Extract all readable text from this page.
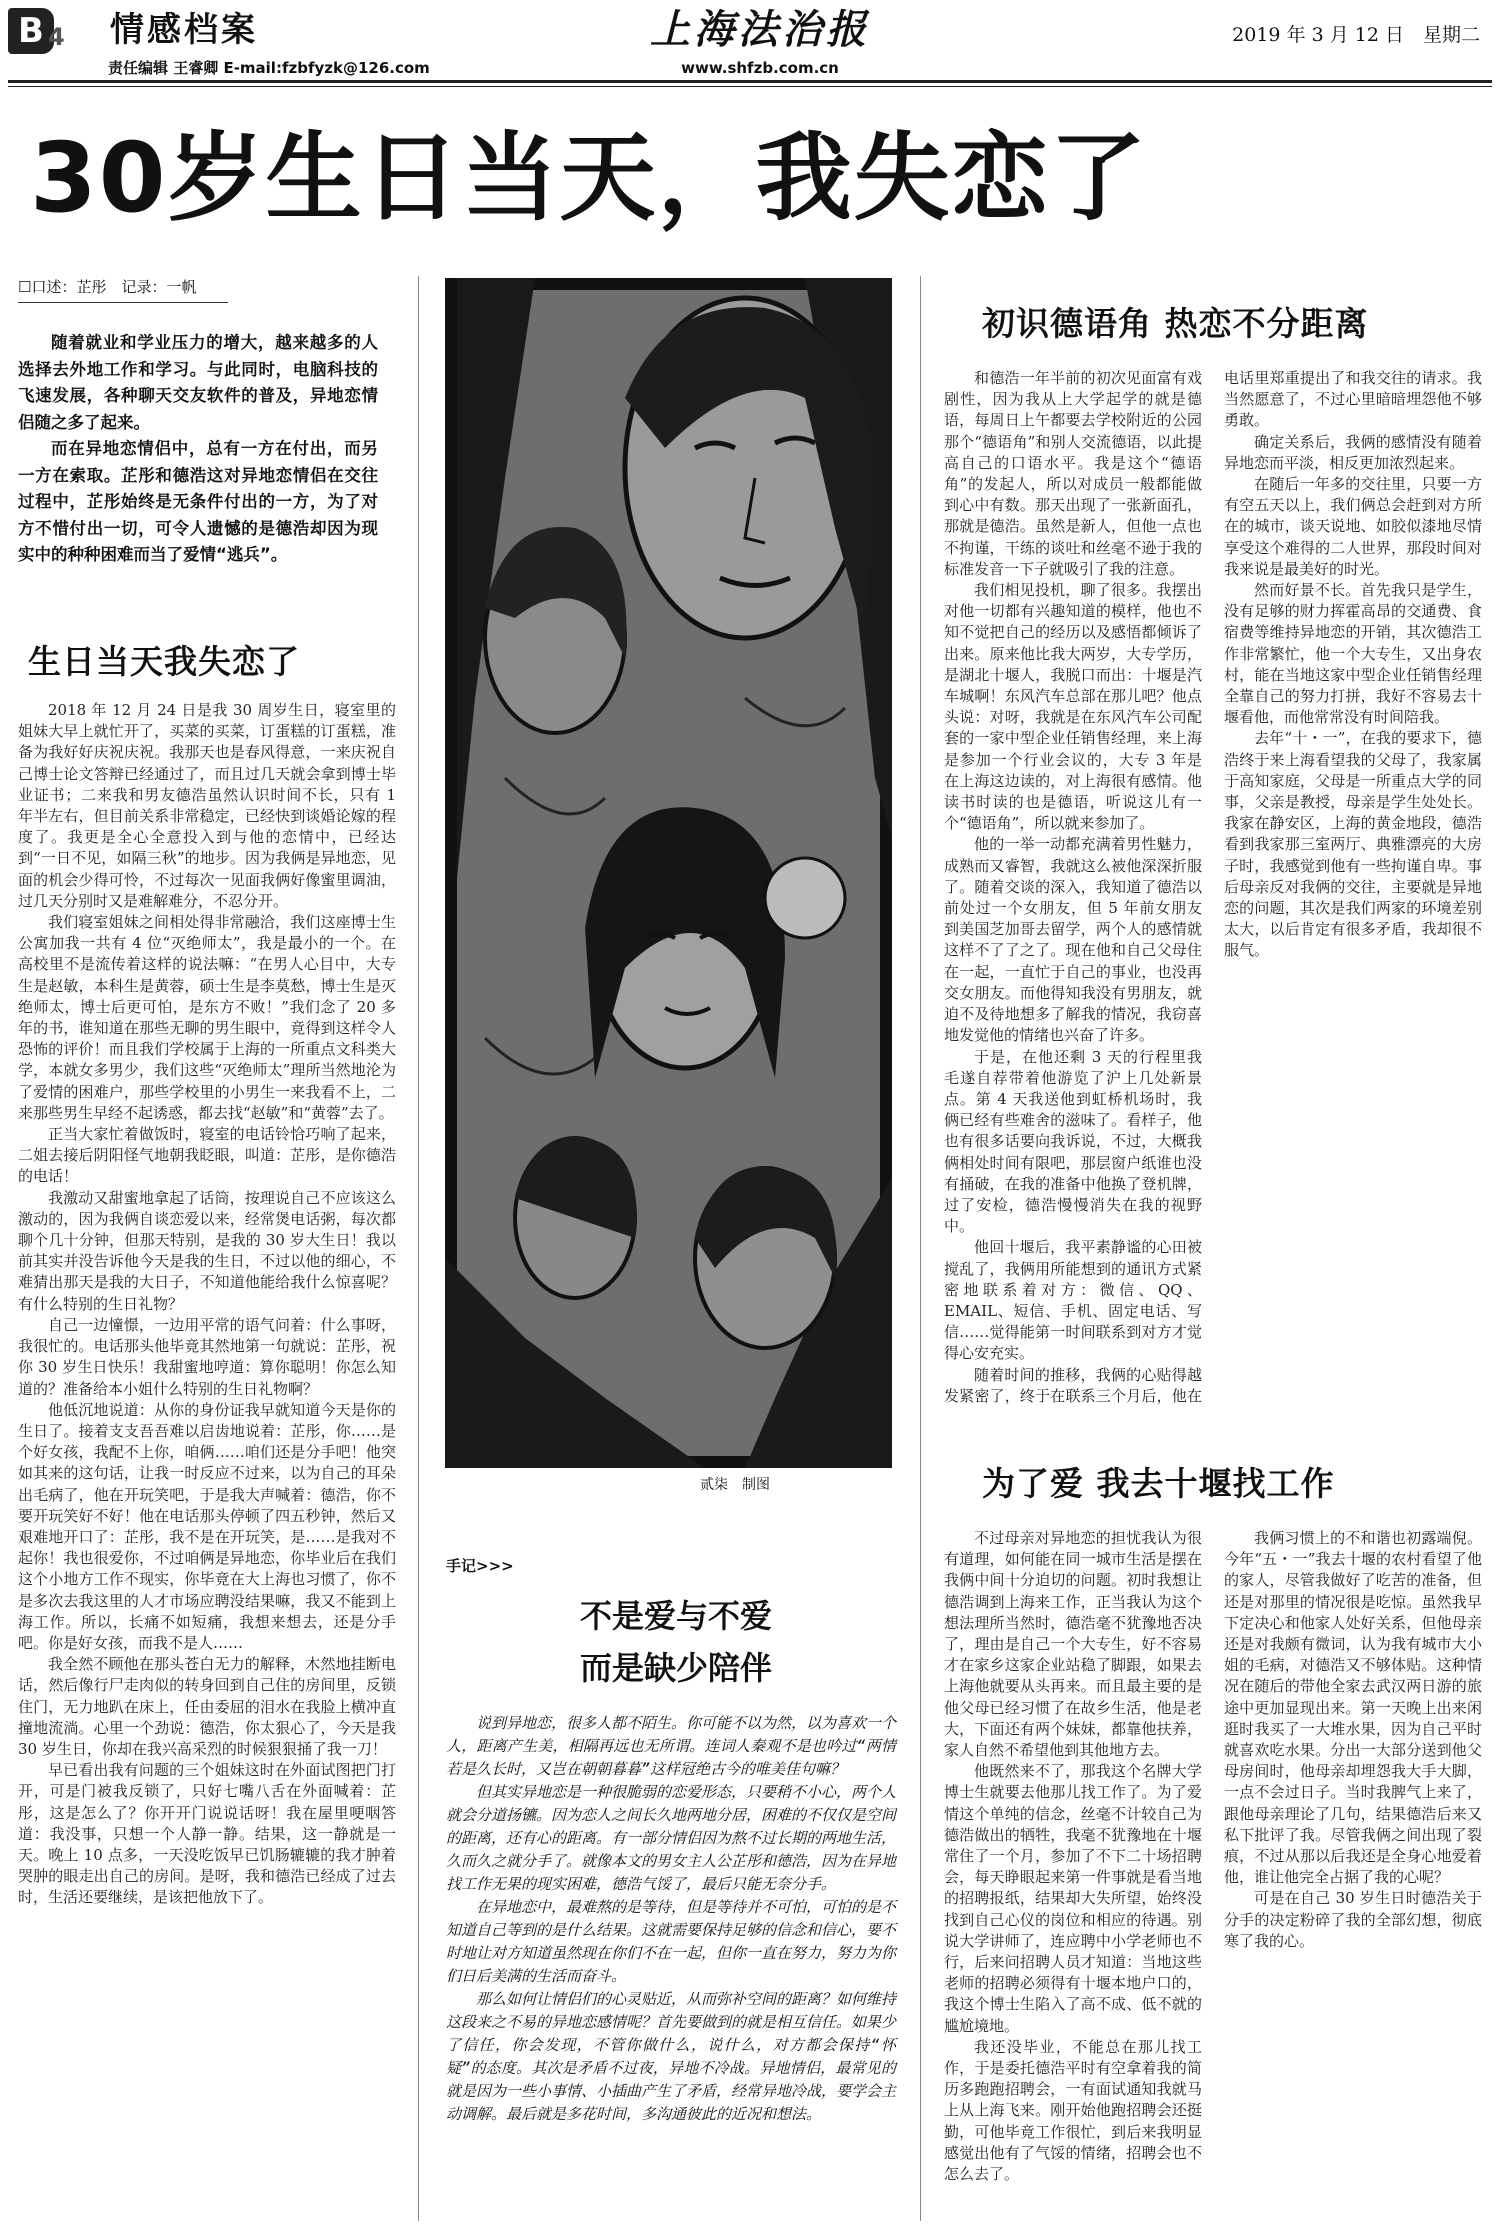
B 4 情感档案
责任编辑 王睿卿 E-mail:fzbfyzk@126.com
上海法治报
www.shfzb.com.cn
2019 年 3 月 12 日　星期二
30岁生日当天，我失恋了
☐口述：芷彤　记录：一帆

随着就业和学业压力的增大，越来越多的人选择去外地工作和学习。与此同时，电脑科技的飞速发展，各种聊天交友软件的普及，异地恋情侣随之多了起来。

而在异地恋情侣中，总有一方在付出，而另一方在索取。芷彤和德浩这对异地恋情侣在交往过程中，芷彤始终是无条件付出的一方，为了对方不惜付出一切，可令人遗憾的是德浩却因为现实中的种种困难而当了爱情“逃兵”。

生日当天我失恋了

2018 年 12 月 24 日是我 30 周岁生日，寝室里的姐妹大早上就忙开了，买菜的买菜，订蛋糕的订蛋糕，准备为我好好庆祝庆祝。我那天也是春风得意，一来庆祝自己博士论文答辩已经通过了，而且过几天就会拿到博士毕业证书；二来我和男友德浩虽然认识时间不长，只有 1 年半左右，但目前关系非常稳定，已经快到谈婚论嫁的程度了。我更是全心全意投入到与他的恋情中，已经达到“一日不见，如隔三秋”的地步。因为我俩是异地恋，见面的机会少得可怜，不过每次一见面我俩好像蜜里调油，过几天分别时又是难解难分，不忍分开。

我们寝室姐妹之间相处得非常融洽，我们这座博士生公寓加我一共有 4 位“灭绝师太”，我是最小的一个。在高校里不是流传着这样的说法嘛：“在男人心目中，大专生是赵敏，本科生是黄蓉，硕士生是李莫愁，博士生是灭绝师太，博士后更可怕，是东方不败！”我们念了 20 多年的书，谁知道在那些无聊的男生眼中，竟得到这样令人恐怖的评价！而且我们学校属于上海的一所重点文科类大学，本就女多男少，我们这些“灭绝师太”理所当然地沦为了爱情的困难户，那些学校里的小男生一来我看不上，二来那些男生早经不起诱惑，都去找“赵敏”和“黄蓉”去了。

正当大家忙着做饭时，寝室的电话铃恰巧响了起来，二姐去接后阴阳怪气地朝我眨眼，叫道：芷彤，是你德浩的电话！

我激动又甜蜜地拿起了话筒，按理说自己不应该这么激动的，因为我俩自谈恋爱以来，经常煲电话粥，每次都聊个几十分钟，但那天特别，是我的 30 岁大生日！我以前其实并没告诉他今天是我的生日，不过以他的细心，不难猜出那天是我的大日子，不知道他能给我什么惊喜呢？有什么特别的生日礼物？

自己一边憧憬，一边用平常的语气问着：什么事呀，我很忙的。电话那头他毕竟其然地第一句就说：芷彤，祝你 30 岁生日快乐！我甜蜜地哼道：算你聪明！你怎么知道的？准备给本小姐什么特别的生日礼物啊？

他低沉地说道：从你的身份证我早就知道今天是你的生日了。接着支支吾吾难以启齿地说着：芷彤，你……是个好女孩，我配不上你，咱俩……咱们还是分手吧！他突如其来的这句话，让我一时反应不过来，以为自己的耳朵出毛病了，他在开玩笑吧，于是我大声喊着：德浩，你不要开玩笑好不好！他在电话那头停顿了四五秒钟，然后又艰难地开口了：芷彤，我不是在开玩笑，是……是我对不起你！我也很爱你，不过咱俩是异地恋，你毕业后在我们这个小地方工作不现实，你毕竟在大上海也习惯了，你不是多次去我这里的人才市场应聘没结果嘛，我又不能到上海工作。所以，长痛不如短痛，我想来想去，还是分手吧。你是好女孩，而我不是人……

我全然不顾他在那头苍白无力的解释，木然地挂断电话，然后像行尸走肉似的转身回到自己住的房间里，反锁住门，无力地趴在床上，任由委屈的泪水在我脸上横冲直撞地流淌。心里一个劲说：德浩，你太狠心了，今天是我 30 岁生日，你却在我兴高采烈的时候狠狠捅了我一刀！

早已看出我有问题的三个姐妹这时在外面试图把门打开，可是门被我反锁了，只好七嘴八舌在外面喊着：芷彤，这是怎么了？你开开门说说话呀！我在屋里哽咽答道：我没事，只想一个人静一静。结果，这一静就是一天。晚上 10 点多，一天没吃饭早已饥肠辘辘的我才肿着哭肿的眼走出自己的房间。是呀，我和德浩已经成了过去时，生活还要继续，是该把他放下了。

贰柒　制图
手记>>>
不是爱与不爱
而是缺少陪伴

说到异地恋，很多人都不陌生。你可能不以为然，以为喜欢一个人，距离产生美，相隔再远也无所谓。连词人秦观不是也吟过“两情若是久长时，又岂在朝朝暮暮”这样冠绝古今的唯美佳句嘛？

但其实异地恋是一种很脆弱的恋爱形态，只要稍不小心，两个人就会分道扬镳。因为恋人之间长久地两地分居，困难的不仅仅是空间的距离，还有心的距离。有一部分情侣因为熬不过长期的两地生活，久而久之就分手了。就像本文的男女主人公芷彤和德浩，因为在异地找工作无果的现实困难，德浩气馁了，最后只能无奈分手。

在异地恋中，最难熬的是等待，但是等待并不可怕，可怕的是不知道自己等到的是什么结果。这就需要保持足够的信念和信心，要不时地让对方知道虽然现在你们不在一起，但你一直在努力，努力为你们日后美满的生活而奋斗。

那么如何让情侣们的心灵贴近，从而弥补空间的距离？如何维持这段来之不易的异地恋感情呢？首先要做到的就是相互信任。如果少了信任，你会发现，不管你做什么，说什么，对方都会保持“怀疑”的态度。其次是矛盾不过夜，异地不冷战。异地情侣，最常见的就是因为一些小事情、小插曲产生了矛盾，经常异地冷战，要学会主动调解。最后就是多花时间，多沟通彼此的近况和想法。

初识德语角 热恋不分距离

和德浩一年半前的初次见面富有戏剧性，因为我从上大学起学的就是德语，每周日上午都要去学校附近的公园那个“德语角”和别人交流德语，以此提高自己的口语水平。我是这个“德语角”的发起人，所以对成员一般都能做到心中有数。那天出现了一张新面孔，那就是德浩。虽然是新人，但他一点也不拘谨，干练的谈吐和丝毫不逊于我的标准发音一下子就吸引了我的注意。

我们相见投机，聊了很多。我摆出对他一切都有兴趣知道的模样，他也不知不觉把自己的经历以及感悟都倾诉了出来。原来他比我大两岁，大专学历，是湖北十堰人，我脱口而出：十堰是汽车城啊！东风汽车总部在那儿吧？他点头说：对呀，我就是在东风汽车公司配套的一家中型企业任销售经理，来上海是参加一个行业会议的，大专 3 年是在上海这边读的，对上海很有感情。他读书时读的也是德语，听说这儿有一个“德语角”，所以就来参加了。

他的一举一动都充满着男性魅力，成熟而又睿智，我就这么被他深深折服了。随着交谈的深入，我知道了德浩以前处过一个女朋友，但 5 年前女朋友到美国芝加哥去留学，两个人的感情就这样不了了之了。现在他和自己父母住在一起，一直忙于自己的事业，也没再交女朋友。而他得知我没有男朋友，就迫不及待地想多了解我的情况，我窃喜地发觉他的情绪也兴奋了许多。

于是，在他还剩 3 天的行程里我毛遂自荐带着他游览了沪上几处新景点。第 4 天我送他到虹桥机场时，我俩已经有些难舍的滋味了。看样子，他也有很多话要向我诉说，不过，大概我俩相处时间有限吧，那层窗户纸谁也没有捅破，在我的准备中他换了登机牌，过了安检，德浩慢慢消失在我的视野中。

他回十堰后，我平素静谧的心田被搅乱了，我俩用所能想到的通讯方式紧密地联系着对方：微信、QQ、EMAIL、短信、手机、固定电话、写信……觉得能第一时间联系到对方才觉得心安充实。

随着时间的推移，我俩的心贴得越发紧密了，终于在联系三个月后，他在电话里郑重提出了和我交往的请求。我当然愿意了，不过心里暗暗埋怨他不够勇敢。

确定关系后，我俩的感情没有随着异地恋而平淡，相反更加浓烈起来。

在随后一年多的交往里，只要一方有空五天以上，我们俩总会赶到对方所在的城市，谈天说地、如胶似漆地尽情享受这个难得的二人世界，那段时间对我来说是最美好的时光。

然而好景不长。首先我只是学生，没有足够的财力挥霍高昂的交通费、食宿费等维持异地恋的开销，其次德浩工作非常繁忙，他一个大专生，又出身农村，能在当地这家中型企业任销售经理全靠自己的努力打拼，我好不容易去十堰看他，而他常常没有时间陪我。

去年“十・一”，在我的要求下，德浩终于来上海看望我的父母了，我家属于高知家庭，父母是一所重点大学的同事，父亲是教授，母亲是学生处处长。我家在静安区，上海的黄金地段，德浩看到我家那三室两厅、典雅漂亮的大房子时，我感觉到他有一些拘谨自卑。事后母亲反对我俩的交往，主要就是异地恋的问题，其次是我们两家的环境差别太大，以后肯定有很多矛盾，我却很不服气。

为了爱 我去十堰找工作

不过母亲对异地恋的担忧我认为很有道理，如何能在同一城市生活是摆在我俩中间十分迫切的问题。初时我想让德浩调到上海来工作，正当我认为这个想法理所当然时，德浩毫不犹豫地否决了，理由是自己一个大专生，好不容易才在家乡这家企业站稳了脚跟，如果去上海他就要从头再来。而且最主要的是他父母已经习惯了在故乡生活，他是老大，下面还有两个妹妹，都靠他扶养，家人自然不希望他到其他地方去。

他既然来不了，那我这个名牌大学博士生就要去他那儿找工作了。为了爱情这个单纯的信念，丝毫不计较自己为德浩做出的牺牲，我毫不犹豫地在十堰常住了一个月，参加了不下二十场招聘会，每天睁眼起来第一件事就是看当地的招聘报纸，结果却大失所望，始终没找到自己心仪的岗位和相应的待遇。别说大学讲师了，连应聘中小学老师也不行，后来问招聘人员才知道：当地这些老师的招聘必须得有十堰本地户口的，我这个博士生陷入了高不成、低不就的尴尬境地。

我还没毕业，不能总在那儿找工作，于是委托德浩平时有空拿着我的简历多跑跑招聘会，一有面试通知我就马上从上海飞来。刚开始他跑招聘会还挺勤，可他毕竟工作很忙，到后来我明显感觉出他有了气馁的情绪，招聘会也不怎么去了。

我俩习惯上的不和谐也初露端倪。今年“五・一”我去十堰的农村看望了他的家人，尽管我做好了吃苦的准备，但还是对那里的情况很是吃惊。虽然我早下定决心和他家人处好关系，但他母亲还是对我颇有微词，认为我有城市大小姐的毛病，对德浩又不够体贴。这种情况在随后的带他全家去武汉两日游的旅途中更加显现出来。第一天晚上出来闲逛时我买了一大堆水果，因为自己平时就喜欢吃水果。分出一大部分送到他父母房间时，他母亲却埋怨我大手大脚，一点不会过日子。当时我脾气上来了，跟他母亲理论了几句，结果德浩后来又私下批评了我。尽管我俩之间出现了裂痕，不过从那以后我还是全身心地爱着他，谁让他完全占据了我的心呢？

可是在自己 30 岁生日时德浩关于分手的决定粉碎了我的全部幻想，彻底寒了我的心。
